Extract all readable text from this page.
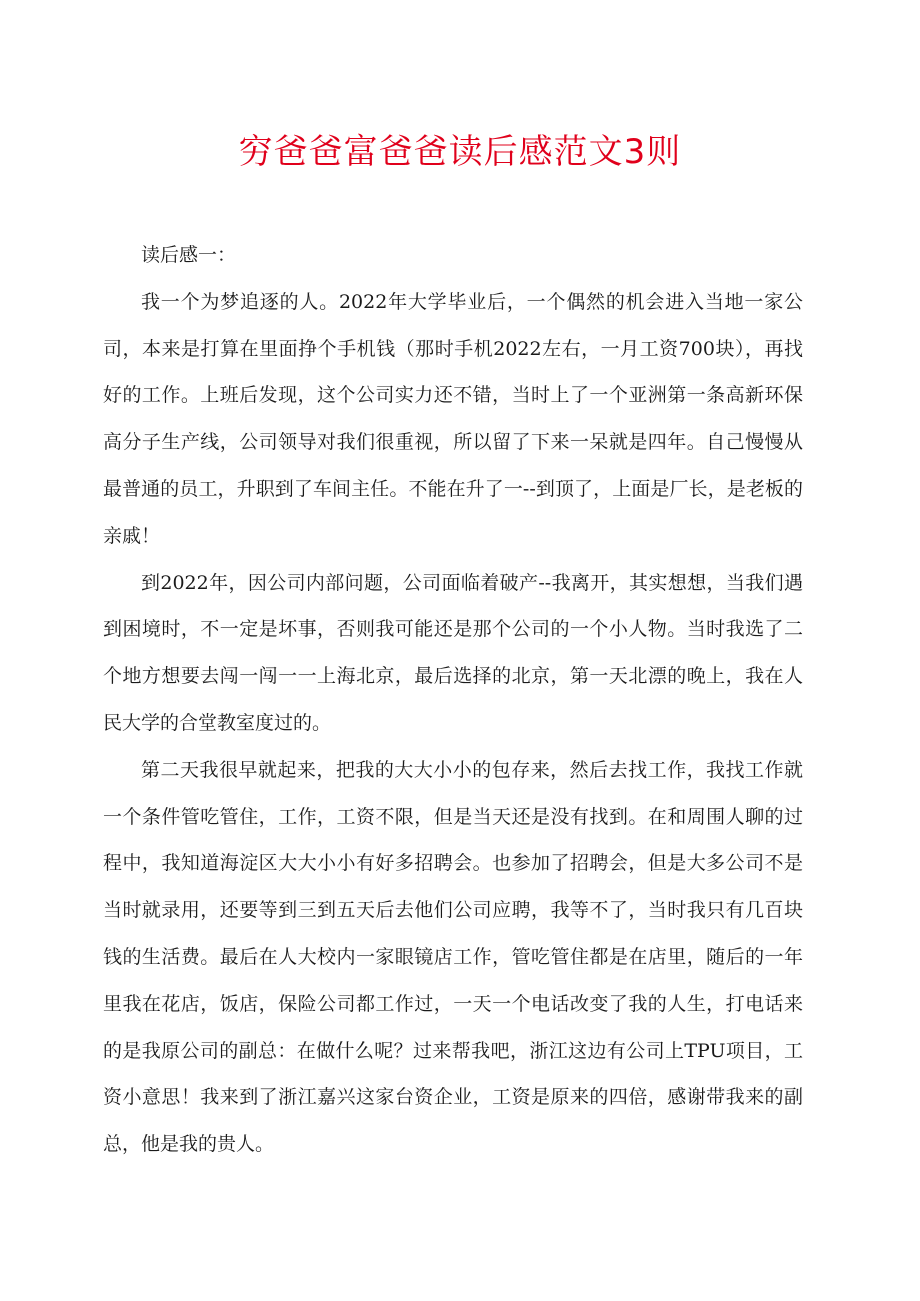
穷爸爸富爸爸读后感范文3则

读后感一：

我一个为梦追逐的人。2022年大学毕业后，一个偶然的机会进入当地一家公司，本来是打算在里面挣个手机钱（那时手机2022左右，一月工资700块），再找好的工作。上班后发现，这个公司实力还不错，当时上了一个亚洲第一条高新环保高分子生产线，公司领导对我们很重视，所以留了下来一呆就是四年。自己慢慢从最普通的员工，升职到了车间主任。不能在升了一--到顶了，上面是厂长，是老板的亲戚！

到2022年，因公司内部问题，公司面临着破产--我离开，其实想想，当我们遇到困境时，不一定是坏事，否则我可能还是那个公司的一个小人物。当时我选了二个地方想要去闯一闯一一上海北京，最后选择的北京，第一天北漂的晚上，我在人民大学的合堂教室度过的。

第二天我很早就起来，把我的大大小小的包存来，然后去找工作，我找工作就一个条件管吃管住，工作，工资不限，但是当天还是没有找到。在和周围人聊的过程中，我知道海淀区大大小小有好多招聘会。也参加了招聘会，但是大多公司不是当时就录用，还要等到三到五天后去他们公司应聘，我等不了，当时我只有几百块钱的生活费。最后在人大校内一家眼镜店工作，管吃管住都是在店里，随后的一年里我在花店，饭店，保险公司都工作过，一天一个电话改变了我的人生，打电话来的是我原公司的副总：在做什么呢？过来帮我吧，浙江这边有公司上TPU项目，工资小意思！我来到了浙江嘉兴这家台资企业，工资是原来的四倍，感谢带我来的副总，他是我的贵人。
